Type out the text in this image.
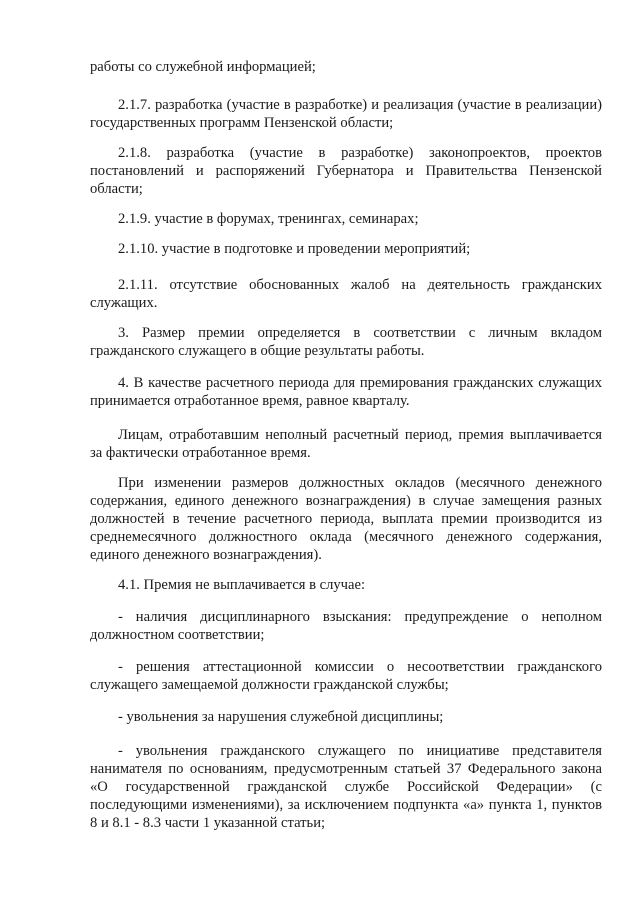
работы со служебной информацией;

2.1.7. разработка (участие в разработке) и реализация (участие в реализации) государственных программ Пензенской области;

2.1.8. разработка (участие в разработке) законопроектов, проектов постановлений и распоряжений Губернатора и Правительства Пензенской области;

2.1.9. участие в форумах, тренингах, семинарах;

2.1.10. участие в подготовке и проведении мероприятий;

2.1.11. отсутствие обоснованных жалоб на деятельность гражданских служащих.

3. Размер премии определяется в соответствии с личным вкладом гражданского служащего в общие результаты работы.

4. В качестве расчетного периода для премирования гражданских служащих принимается отработанное время, равное кварталу.

Лицам, отработавшим неполный расчетный период, премия выплачивается за фактически отработанное время.

При изменении размеров должностных окладов (месячного денежного содержания, единого денежного вознаграждения) в случае замещения разных должностей в течение расчетного периода, выплата премии производится из среднемесячного должностного оклада (месячного денежного содержания, единого денежного вознаграждения).

4.1. Премия не выплачивается в случае:

- наличия дисциплинарного взыскания: предупреждение о неполном должностном соответствии;

- решения аттестационной комиссии о несоответствии гражданского служащего замещаемой должности гражданской службы;

- увольнения за нарушения служебной дисциплины;

- увольнения гражданского служащего по инициативе представителя нанимателя по основаниям, предусмотренным статьей 37 Федерального закона «О государственной гражданской службе Российской Федерации» (с последующими изменениями), за исключением подпункта «а» пункта 1, пунктов 8 и 8.1 - 8.3 части 1 указанной статьи;
